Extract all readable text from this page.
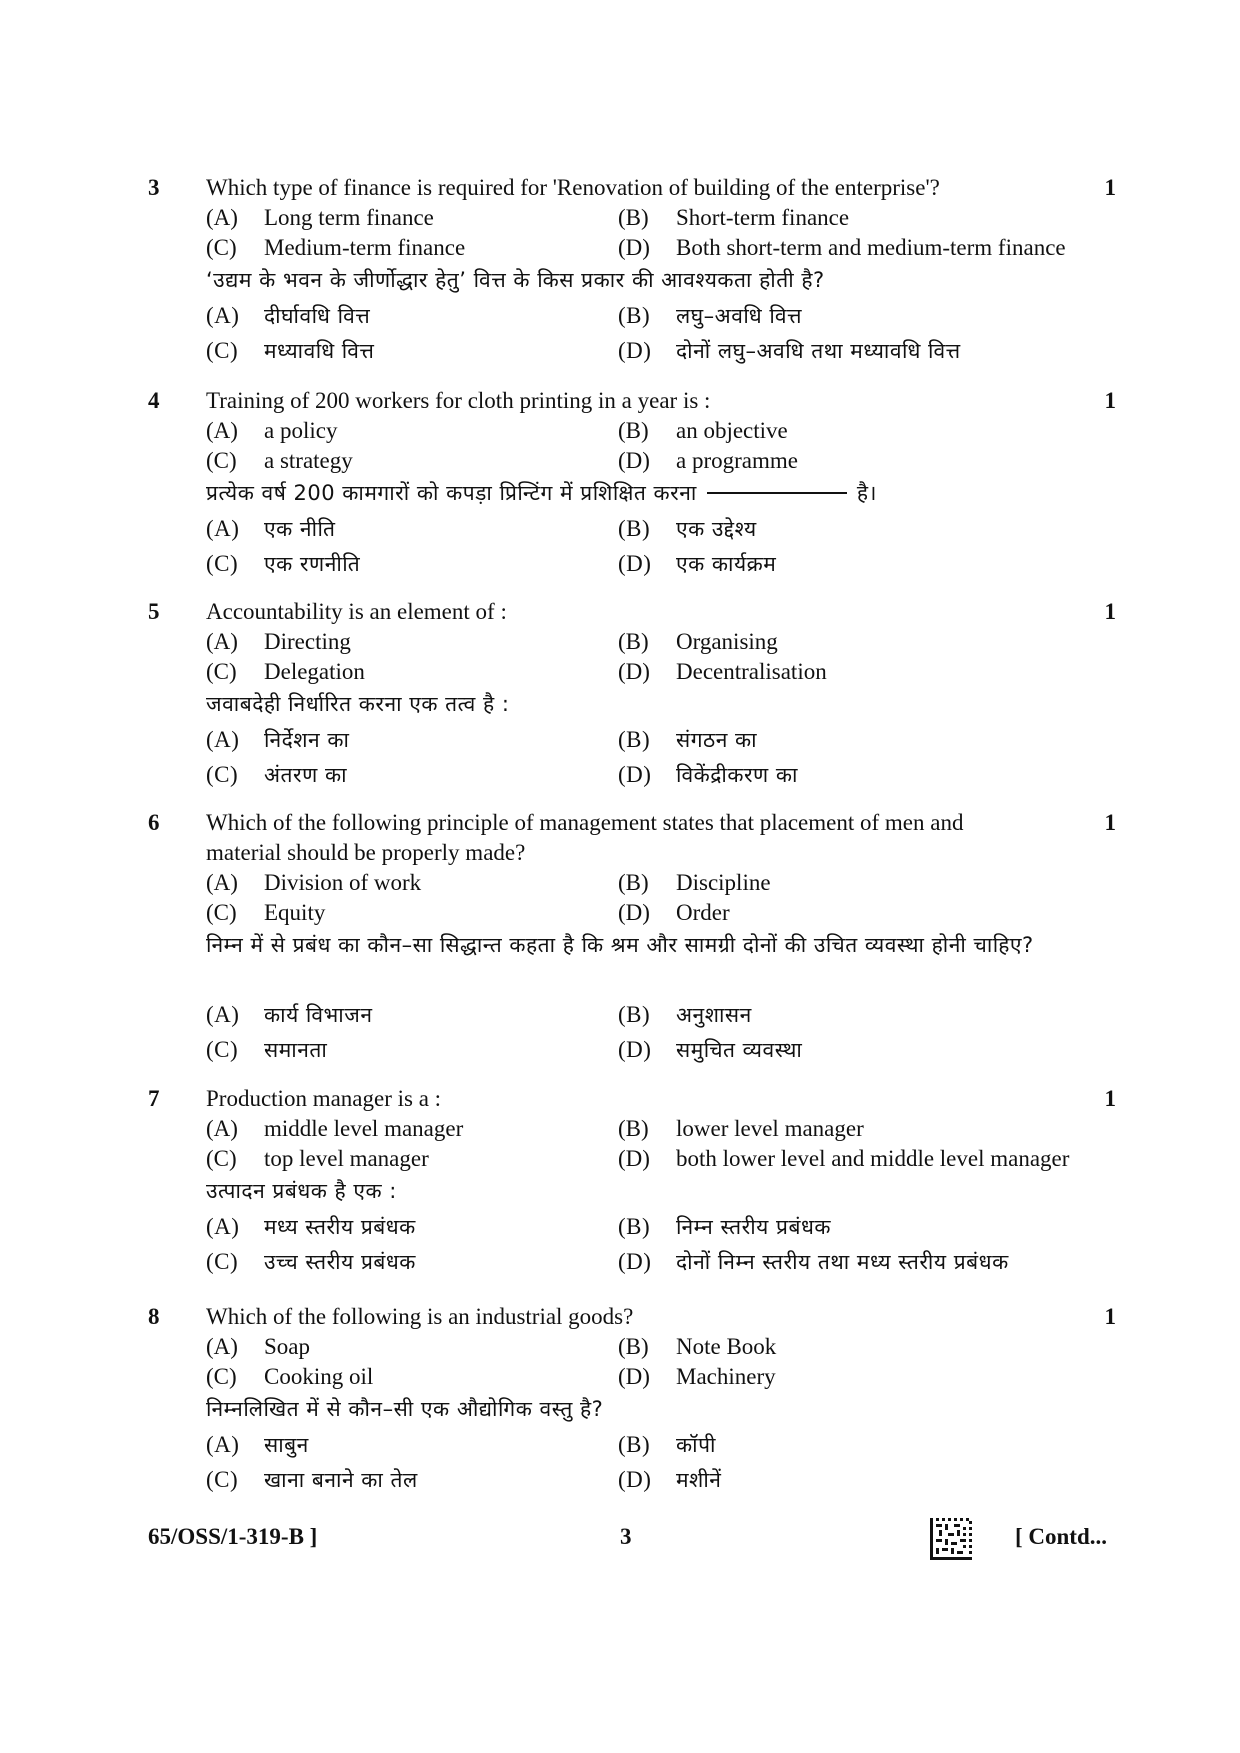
3 Which type of finance is required for 'Renovation of building of the enterprise'?	1
(A) Long term finance	(B) Short-term finance
(C) Medium-term finance	(D) Both short-term and medium-term finance
‘उद्यम के भवन के जीर्णोद्धार हेतु’ वित्त के किस प्रकार की आवश्यकता होती है?
(A) दीर्घावधि वित्त	(B) लघु–अवधि वित्त
(C) मध्यावधि वित्त	(D) दोनों लघु–अवधि तथा मध्यावधि वित्त
4 Training of 200 workers for cloth printing in a year is :	1
(A) a policy	(B) an objective
(C) a strategy	(D) a programme
प्रत्येक वर्ष 200 कामगारों को कपड़ा प्रिन्टिंग में प्रशिक्षित करना	है।
(A) एक नीति	(B) एक उद्देश्य
(C) एक रणनीति	(D) एक कार्यक्रम
5 Accountability is an element of :	1
(A) Directing	(B) Organising
(C) Delegation	(D) Decentralisation
जवाबदेही निर्धारित करना एक तत्व है :
(A) निर्देशन का	(B) संगठन का
(C) अंतरण का	(D) विकेंद्रीकरण का
6 Which of the following principle of management states that placement of men and material should be properly made?
1
(A) Division of work	(B) Discipline
(C) Equity	(D) Order
निम्न में से प्रबंध का कौन–सा सिद्धान्त कहता है कि श्रम और सामग्री दोनों की उचित व्यवस्था होनी चाहिए?
(A) कार्य विभाजन	(B) अनुशासन
(C) समानता	(D) समुचित व्यवस्था
7 Production manager is a :	1
(A) middle level manager	(B) lower level manager
(C) top level manager	(D) both lower level and middle level manager
उत्पादन प्रबंधक है एक :
(A) मध्य स्तरीय प्रबंधक	(B) निम्न स्तरीय प्रबंधक
(C) उच्च स्तरीय प्रबंधक	(D) दोनों निम्न स्तरीय तथा मध्य स्तरीय प्रबंधक
8 Which of the following is an industrial goods?	1
(A) Soap	(B) Note Book
(C) Cooking oil	(D) Machinery
निम्नलिखित में से कौन–सी एक औद्योगिक वस्तु है?
(A) साबुन	(B) कॉपी
(C) खाना बनाने का तेल	(D) मशीनें
65/OSS/1-319-B ]	3	[ Contd...
